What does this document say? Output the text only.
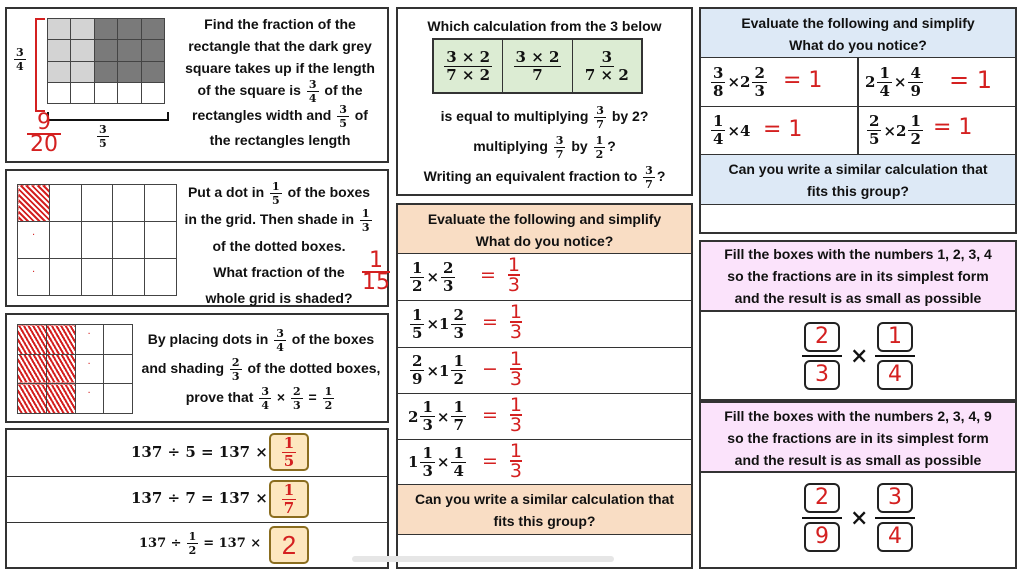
$\frac{3}{4}$

$\frac{3}{5}$
9
20
Find the fraction of the
rectangle that the dark grey
square takes up if the length
of the square is $\frac{3}{4}$ of the
rectangles width and $\frac{3}{5}$ of
the rectangles length

·				

·				

Put a dot in $\frac{1}{5}$ of the boxes
in the grid. Then shade in $\frac{1}{3}$
of the dotted boxes.
What fraction of the
whole grid is shaded?
1
15

		·	

		·	

		·	

By placing dots in $\frac{3}{4}$ of the boxes
and shading $\frac{2}{3}$ of the dotted boxes,
prove that $\frac{3}{4} \times \frac{2}{3} = \frac{1}{2}$
$137 \div 5 = 137 \times \frac{1}{5}$
$137 \div 7 = 137 \times \frac{1}{7}$
$137 \div \frac{1}{2} = 137 \times 2$
Which calculation from the 3 below
$\frac{3 \times 2}{7 \times 2} \frac{3 \times 2}{7} \frac{3}{7 \times 2}$
is equal to multiplying $\frac{3}{7}$ by 2?
multiplying $\frac{3}{7}$ by $\frac{1}{2}$ ?
Writing an equivalent fraction to $\frac{3}{7}$ ?
Evaluate the following and simplify
What do you notice?
$\frac{1}{2} \times \frac{2}{3} = \frac{1}{3}$
$\frac{1}{5} \times 1 \frac{2}{3} = \frac{1}{3}$
$\frac{2}{9} \times 1 \frac{1}{2} - \frac{1}{3}$
$2 \frac{1}{3} \times \frac{1}{7} = \frac{1}{3}$
$1 \frac{1}{3} \times \frac{1}{4} = \frac{1}{3}$
Can you write a similar calculation that
fits this group?
Evaluate the following and simplify
What do you notice?
$\frac{3}{8} \times 2 \frac{2}{3} = 1$	$2 \frac{1}{4} \times \frac{4}{9} = 1$
$\frac{1}{4} \times 4 = 1$	$\frac{2}{5} \times 2 \frac{1}{2} = 1$
Can you write a similar calculation that
fits this group?
Fill the boxes with the numbers 1, 2, 3, 4
so the fractions are in its simplest form
and the result is as small as possible
2
3
×
1
4
Fill the boxes with the numbers 2, 3, 4, 9
so the fractions are in its simplest form
and the result is as small as possible
2
9
×
3
4
